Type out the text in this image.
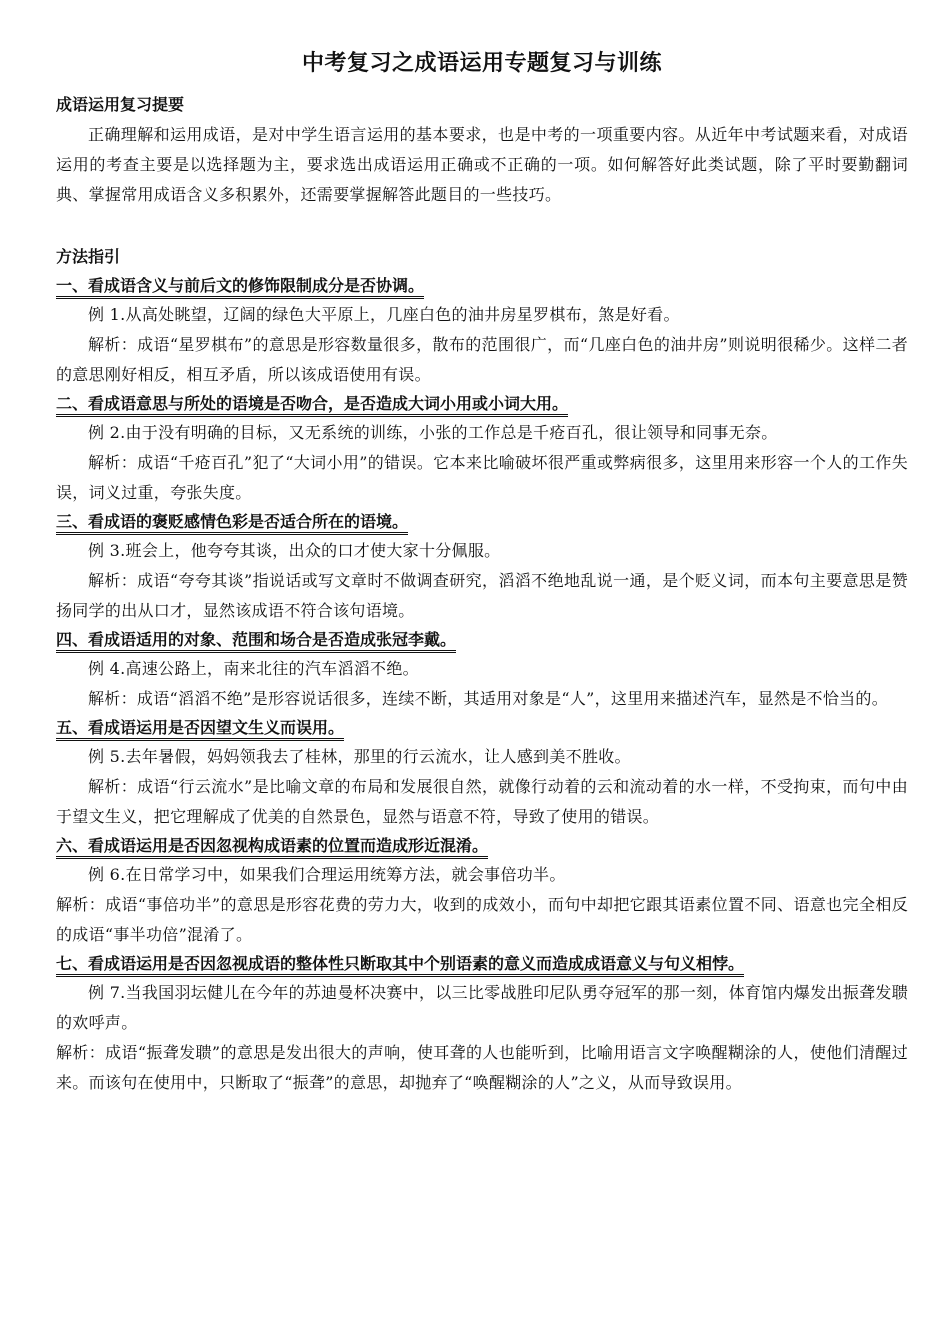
中考复习之成语运用专题复习与训练
成语运用复习提要

正确理解和运用成语，是对中学生语言运用的基本要求，也是中考的一项重要内容。从近年中考试题来看，对成语运用的考查主要是以选择题为主，要求选出成语运用正确或不正确的一项。如何解答好此类试题，除了平时要勤翻词典、掌握常用成语含义多积累外，还需要掌握解答此题目的一些技巧。

方法指引
一、看成语含义与前后文的修饰限制成分是否协调。

例 1.从高处眺望，辽阔的绿色大平原上，几座白色的油井房星罗棋布，煞是好看。

解析：成语“星罗棋布”的意思是形容数量很多，散布的范围很广，而“几座白色的油井房”则说明很稀少。这样二者的意思刚好相反，相互矛盾，所以该成语使用有误。

二、看成语意思与所处的语境是否吻合，是否造成大词小用或小词大用。

例 2.由于没有明确的目标，又无系统的训练，小张的工作总是千疮百孔，很让领导和同事无奈。

解析：成语“千疮百孔”犯了“大词小用”的错误。它本来比喻破坏很严重或弊病很多，这里用来形容一个人的工作失误，词义过重，夸张失度。

三、看成语的褒贬感情色彩是否适合所在的语境。

例 3.班会上，他夸夸其谈，出众的口才使大家十分佩服。

解析：成语“夸夸其谈”指说话或写文章时不做调查研究，滔滔不绝地乱说一通，是个贬义词，而本句主要意思是赞扬同学的出从口才，显然该成语不符合该句语境。

四、看成语适用的对象、范围和场合是否造成张冠李戴。

例 4.高速公路上，南来北往的汽车滔滔不绝。

解析：成语“滔滔不绝”是形容说话很多，连续不断，其适用对象是“人”，这里用来描述汽车，显然是不恰当的。

五、看成语运用是否因望文生义而误用。

例 5.去年暑假，妈妈领我去了桂林，那里的行云流水，让人感到美不胜收。

解析：成语“行云流水”是比喻文章的布局和发展很自然，就像行动着的云和流动着的水一样，不受拘束，而句中由于望文生义，把它理解成了优美的自然景色，显然与语意不符，导致了使用的错误。

六、看成语运用是否因忽视构成语素的位置而造成形近混淆。

例 6.在日常学习中，如果我们合理运用统筹方法，就会事倍功半。

解析：成语“事倍功半”的意思是形容花费的劳力大，收到的成效小，而句中却把它跟其语素位置不同、语意也完全相反的成语“事半功倍”混淆了。

七、看成语运用是否因忽视成语的整体性只断取其中个别语素的意义而造成成语意义与句义相悖。

例 7.当我国羽坛健儿在今年的苏迪曼杯决赛中，以三比零战胜印尼队勇夺冠军的那一刻，体育馆内爆发出振聋发聩的欢呼声。

解析：成语“振聋发聩”的意思是发出很大的声响，使耳聋的人也能听到，比喻用语言文字唤醒糊涂的人，使他们清醒过来。而该句在使用中，只断取了“振聋”的意思，却抛弃了“唤醒糊涂的人”之义，从而导致误用。
